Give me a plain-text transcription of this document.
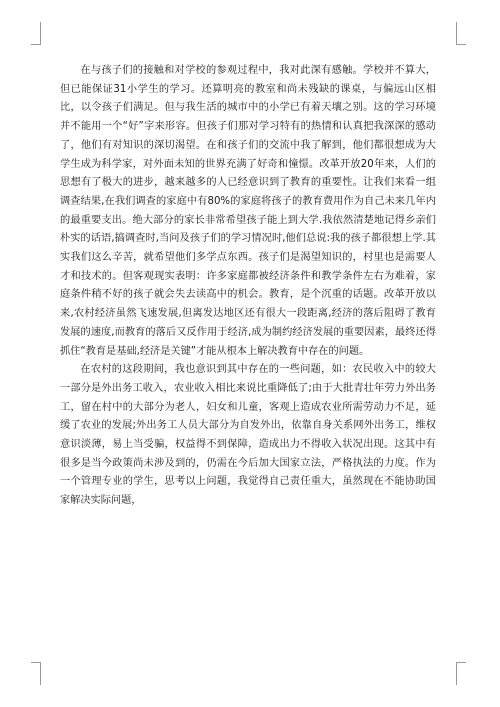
在与孩子们的接触和对学校的参观过程中，我对此深有感触。学校并不算大，但已能保证31小学生的学习。还算明亮的教室和尚未残缺的课桌，与偏远山区相比，以令孩子们满足。但与我生活的城市中的小学已有着天壤之别。这的学习环境并不能用一个“好”字来形容。但孩子们那对学习特有的热情和认真把我深深的感动了，他们有对知识的深切渴望。在和孩子们的交流中我了解到，他们都很想成为大学生成为科学家，对外面未知的世界充满了好奇和憧憬。改革开放20年来，人们的思想有了极大的进步，越来越多的人已经意识到了教育的重要性。让我们来看一组调查结果,在我们调查的家庭中有80%的家庭将孩子的教育费用作为自己未来几年内的最重要支出。绝大部分的家长非常希望孩子能上到大学.我依然清楚地记得乡亲们朴实的话语,搞调查时,当问及孩子们的学习情况时,他们总说:我的孩子都很想上学.其实我们这么辛苦，就希望他们多学点东西。孩子们是渴望知识的，村里也是需要人才和技术的。但客观现实表明：许多家庭都被经济条件和教学条件左右为难着，家庭条件稍不好的孩子就会失去读高中的机会。教育，是个沉重的话题。改革开放以来,农村经济虽然飞速发展,但离发达地区还有很大一段距离,经济的落后阻碍了教育发展的速度,而教育的落后又反作用于经济,成为制约经济发展的重要因素，最终还得抓住“教育是基础,经济是关键”才能从根本上解决教育中存在的问题。

在农村的这段期间，我也意识到其中存在的一些问题，如：农民收入中的较大一部分是外出务工收入，农业收入相比来说比重降低了;由于大批青壮年劳力外出务工，留在村中的大部分为老人，妇女和儿童，客观上造成农业所需劳动力不足，延缓了农业的发展;外出务工人员大部分为自发外出，依靠自身关系网外出务工，维权意识淡薄，易上当受骗，权益得不到保障，造成出力不得收入状况出现。这其中有很多是当今政策尚未涉及到的，仍需在今后加大国家立法，严格执法的力度。作为一个管理专业的学生，思考以上问题，我觉得自己责任重大，虽然现在不能协助国家解决实际问题，
